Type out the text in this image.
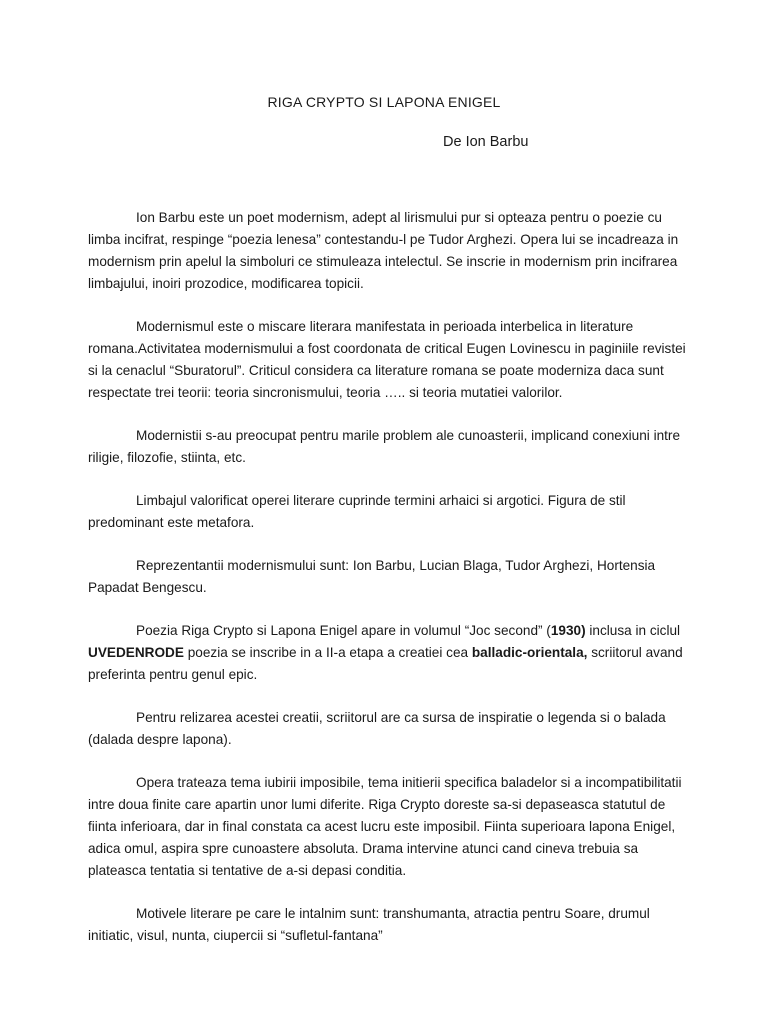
RIGA CRYPTO SI LAPONA ENIGEL

De Ion Barbu

Ion Barbu este un poet modernism, adept al lirismului pur si opteaza pentru o poezie cu limba incifrat, respinge “poezia lenesa” contestandu-l pe Tudor Arghezi. Opera lui se incadreaza in modernism prin apelul la simboluri ce stimuleaza intelectul. Se inscrie in modernism prin incifrarea limbajului, inoiri prozodice, modificarea topicii.

Modernismul este o miscare literara manifestata in perioada interbelica in literature romana.Activitatea modernismului a fost coordonata de critical Eugen Lovinescu in paginiile revistei si la cenaclul “Sburatorul”. Criticul considera ca literature romana se poate moderniza daca sunt respectate trei teorii: teoria sincronismului, teoria ….. si teoria mutatiei valorilor.

Modernistii s-au preocupat pentru marile problem ale cunoasterii, implicand conexiuni intre riligie, filozofie, stiinta, etc.

Limbajul valorificat operei literare cuprinde termini arhaici si argotici. Figura de stil predominant este metafora.

Reprezentantii modernismului sunt: Ion Barbu, Lucian Blaga, Tudor Arghezi, Hortensia Papadat Bengescu.

Poezia Riga Crypto si Lapona Enigel apare in volumul “Joc second” (1930) inclusa in ciclul UVEDENRODE poezia se inscribe in a II-a etapa a creatiei cea balladic-orientala, scriitorul avand preferinta pentru genul epic.

Pentru relizarea acestei creatii, scriitorul are ca sursa de inspiratie o legenda si o balada (dalada despre lapona).

Opera trateaza tema iubirii imposibile, tema initierii specifica baladelor si a incompatibilitatii intre doua finite care apartin unor lumi diferite. Riga Crypto doreste sa-si depaseasca statutul de fiinta inferioara, dar in final constata ca acest lucru este imposibil. Fiinta superioara lapona Enigel, adica omul, aspira spre cunoastere absoluta. Drama intervine atunci cand cineva trebuia sa plateasca tentatia si tentative de a-si depasi conditia.

Motivele literare pe care le intalnim sunt: transhumanta, atractia pentru Soare, drumul initiatic, visul, nunta, ciupercii si “sufletul-fantana”
